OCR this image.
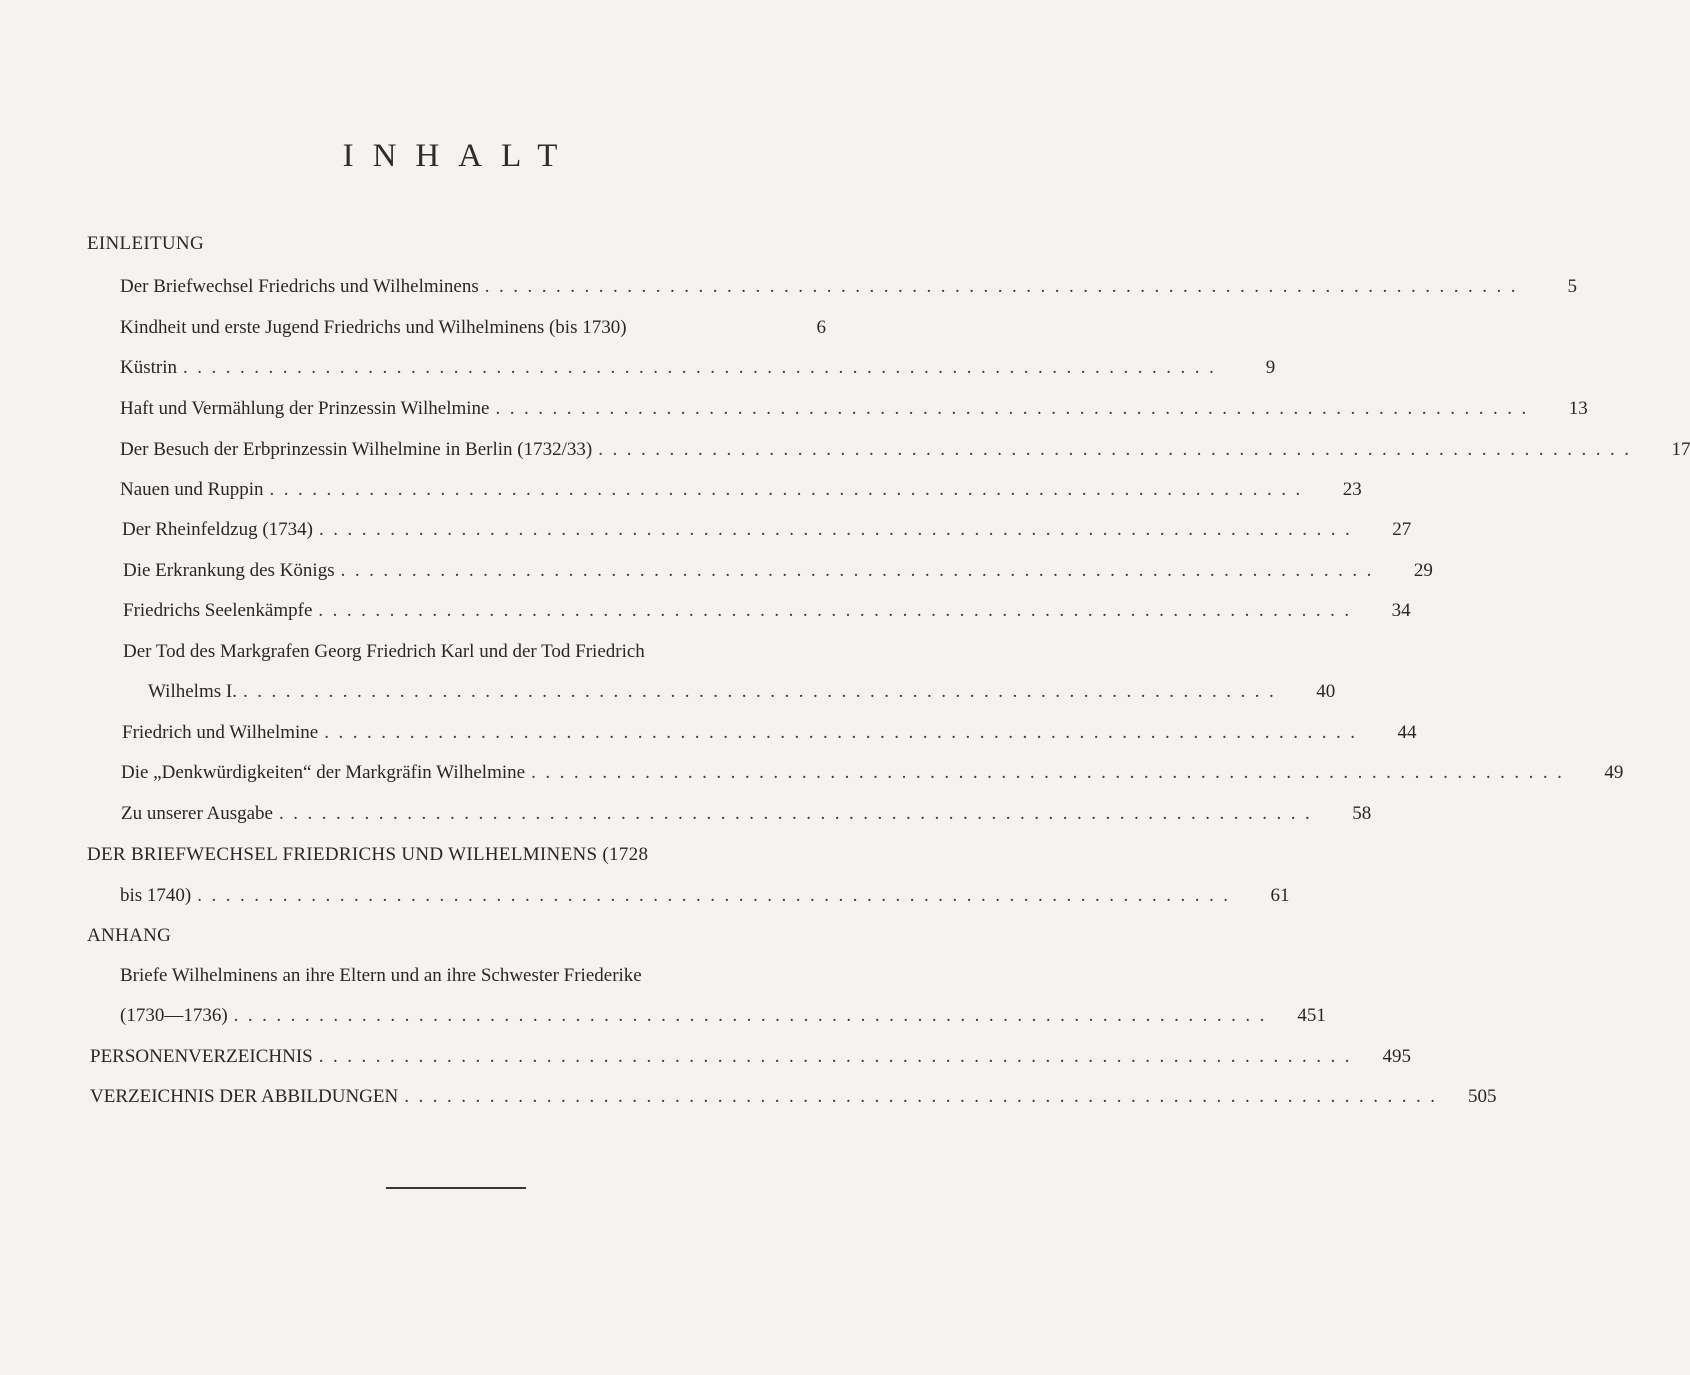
INHALT
EINLEITUNG
Der Briefwechsel Friedrichs und Wilhelminens .........................................................................	5
Kindheit und erste Jugend Friedrichs und Wilhelminens (bis 1730)	6
Küstrin .........................................................................	9
Haft und Vermählung der Prinzessin Wilhelmine .........................................................................	13
Der Besuch der Erbprinzessin Wilhelmine in Berlin (1732/33) .........................................................................	17
Nauen und Ruppin .........................................................................	23
Der Rheinfeldzug (1734) .........................................................................	27
Die Erkrankung des Königs .........................................................................	29
Friedrichs Seelenkämpfe .........................................................................	34
Der Tod des Markgrafen Georg Friedrich Karl und der Tod Friedrich
Wilhelms I. .........................................................................	40
Friedrich und Wilhelmine .........................................................................	44
Die „Denkwürdigkeiten“ der Markgräfin Wilhelmine .........................................................................	49
Zu unserer Ausgabe .........................................................................	58
DER BRIEFWECHSEL FRIEDRICHS UND WILHELMINENS (1728
bis 1740) .........................................................................	61
ANHANG
Briefe Wilhelminens an ihre Eltern und an ihre Schwester Friederike
(1730—1736) .........................................................................	451
PERSONENVERZEICHNIS .........................................................................	495
VERZEICHNIS DER ABBILDUNGEN .........................................................................	505
